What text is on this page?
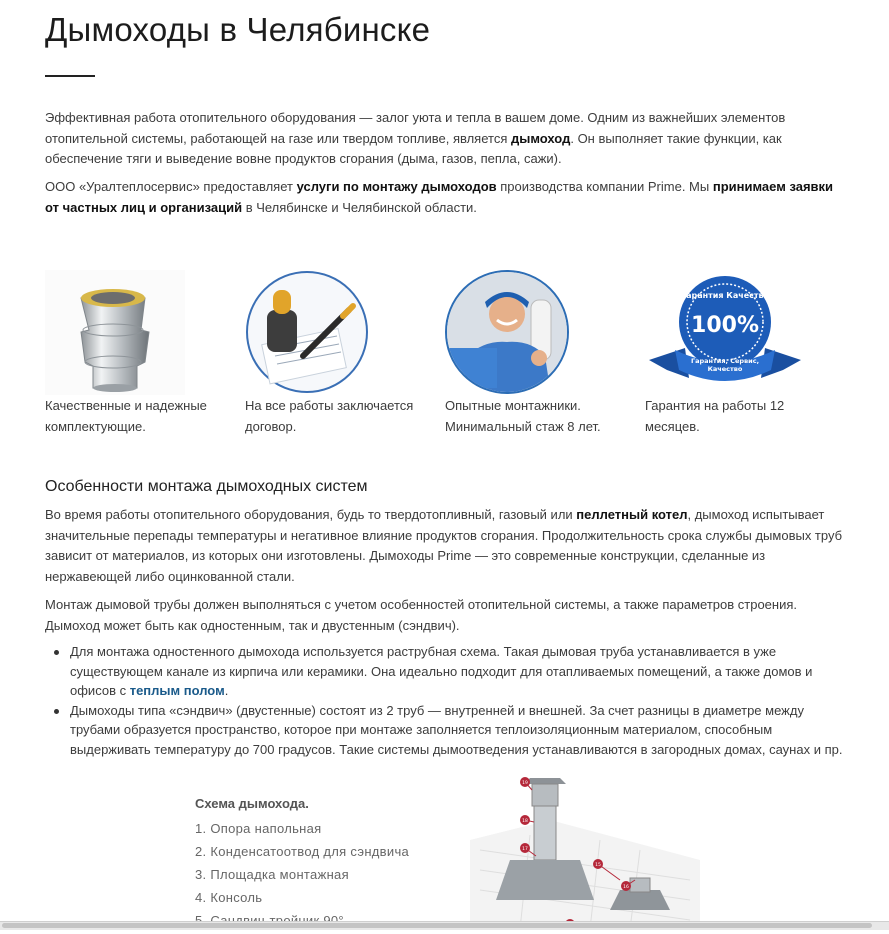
Дымоходы в Челябинске

Эффективная работа отопительного оборудования — залог уюта и тепла в вашем доме. Одним из важнейших элементов отопительной системы, работающей на газе или твердом топливе, является дымоход. Он выполняет такие функции, как обеспечение тяги и выведение вовне продуктов сгорания (дыма, газов, пепла, сажи).

ООО «Уралтеплосервис» предоставляет услуги по монтажу дымоходов производства компании Prime. Мы принимаем заявки от частных лиц и организаций в Челябинске и Челябинской области.

Качественные и надежные комплектующие.
На все работы заключается договор.
Опытные монтажники. Минимальный стаж 8 лет.
Гарантия Качества
100%
Гарантия, Сервис,
Качество
Гарантия на работы 12 месяцев.
Особенности монтажа дымоходных систем

Во время работы отопительного оборудования, будь то твердотопливный, газовый или пеллетный котел, дымоход испытывает значительные перепады температуры и негативное влияние продуктов сгорания. Продолжительность срока службы дымовых труб зависит от материалов, из которых они изготовлены. Дымоходы Prime — это современные конструкции, сделанные из нержавеющей либо оцинкованной стали.

Монтаж дымовой трубы должен выполняться с учетом особенностей отопительной системы, а также параметров строения. Дымоход может быть как одностенным, так и двустенным (сэндвич).

Для монтажа одностенного дымохода используется раструбная схема. Такая дымовая труба устанавливается в уже существующем канале из кирпича или керамики. Она идеально подходит для отапливаемых помещений, а также домов и офисов с теплым полом.
Дымоходы типа «сэндвич» (двустенные) состоят из 2 труб — внутренней и внешней. За счет разницы в диаметре между трубами образуется пространство, которое при монтаже заполняется теплоизоляционным материалом, способным выдерживать температуру до 700 градусов. Такие системы дымоотведения устанавливаются в загородных домах, саунах и пр.
Схема дымохода.
1. Опора напольная
2. Конденсатоотвод для сэндвича
3. Площадка монтажная
4. Консоль
19
18
17
15
16
